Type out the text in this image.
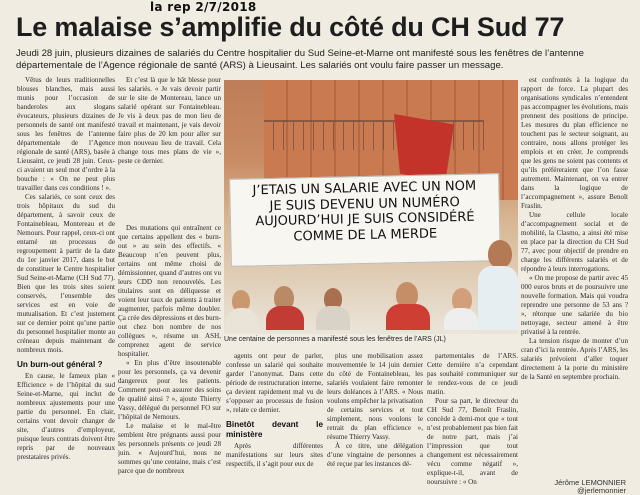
la rep 2/7/2018
Le malaise s’amplifie du côté du CH Sud 77

Jeudi 28 juin, plusieurs dizaines de salariés du Centre hospitalier du Sud Seine-et-Marne ont manifesté sous les fenêtres de l’antenne départementale de l’Agence régionale de santé (ARS) à Lieusaint. Les salariés ont voulu faire passer un message.

Vêtus de leurs traditionnelles blouses blanches, mais aussi munis pour l’occasion de banderoles aux slogans évocateurs, plusieurs dizaines de personnels de santé ont manifesté sous les fenêtres de l’antenne départementale de l’Agence régionale de santé (ARS), basée à Lieusaint, ce jeudi 28 juin. Ceux-ci avaient un seul mot d’ordre à la bouche : « On ne peut plus travailler dans ces conditions ! ».

Ces salariés, ce sont ceux des trois hôpitaux du sud du département, à savoir ceux de Fontainebleau, Montereau et de Nemours. Pour rappel, ceux-ci ont entamé un processus de regroupement à partir de la date du 1er janvier 2017, dans le but de constituer le Centre hospitalier Sud Seine-et-Marne (CH Sud 77). Bien que les trois sites soient conservés, l’ensemble des services est en voie de mutualisation. Et c’est justement sur ce dernier point qu’une partie du personnel hospitalier monte au créneau depuis maintenant de nombreux mois.

Un burn-out général ?

En cause, le fameux plan « Efficience » de l’hôpital du sud Seine-et-Marne, qui inclut de nombreux ajustements pour une partie du personnel. En clair, certains vont devoir changer de site, d’autres d’employeur, puisque leurs contrats doivent être repris par de nouveaux prestataires privés.

Et c’est là que le bât blesse pour les salariés. « Je vais devoir partir sur le site de Montereau, lance un salarié opérant sur Fontainebleau. Je vis à deux pas de mon lieu de travail et maintenant, je vais devoir faire plus de 20 km pour aller sur mon nouveau lieu de travail. Cela change tous mes plans de vie », peste ce dernier.

Des mutations qui entraînent ce que certains appellent des « burn-out » au sein des effectifs. « Beaucoup n’en peuvent plus, certains ont même choisi de démissionner, quand d’autres ont vu leurs CDD non renouvelés. Les titulaires sont en déliquesse et voient leur taux de patients à traiter augmenter, parfois même doubler. Ça crée des dépressions et des burn-out chez bon nombre de nos collègues », résume un ASH, comprenez agent de service hospitalier.

« En plus d’être insoutenable pour les personnels, ça va devenir dangereux pour les patients. Comment peut-on assurer des soins de qualité ainsi ? », ajoute Thierry Vassy, délégué du personnel FO sur l’hôpital de Nemours.

Le malaise et le mal-être semblent être prégnants aussi pour les personnels présents ce jeudi 28 juin. « Aujourd’hui, nous ne sommes qu’une centaine, mais c’est parce que de nombreux

J’ETAIS UN SALARIE AVEC UN NOM
JE SUIS DEVENU UN NUMÉRO
AUJOURD’HUI JE SUIS CONSIDÉRÉ
COMME DE LA MERDE
Une centaine de personnes a manifesté sous les fenêtres de l’ARS (JL)

agents ont peur de parler, confesse un salarié qui souhaite garder l’anonymat. Dans cette période de restructuration interne, ça devient rapidement mal vu de s’opposer au processus de fusion », relate ce dernier.

Binetôt devant le ministère

Après différentes manifestations sur leurs sites respectifs, il s’agit pour eux de

plus une mobilisation assez mouvementée le 14 juin dernier du côté de Fontainebleau, les salariés voulaient faire remonter leurs doléances à l’ARS. « Nous voulons empêcher la privatisation de certains services et tout simplement, nous voulons le retrait du plan efficience », résume Thierry Vassy.

À ce titre, une délégation d’une vingtaine de personnes a été reçue par les instances dé-

partementales de l’ARS. Cette dernière n’a cependant pas souhaité communiquer sur le rendez-vous de ce jeudi matin.

Pour sa part, le directeur du CH Sud 77, Benoît Fraslin, concède à demi-mot que « tout n’est probablement pas bien fait de notre part, mais j’ai l’impression que tout changement est nécessairement vécu comme négatif », explique-t-il, avant de poursuivre : « On

est confrontés à la logique du rapport de force. La plupart des organisations syndicales n’entendent pas accompagner les évolutions, mais prennent des positions de principe. Les mesures du plan efficience ne touchent pas le secteur soignant, au contraire, nous allons protéger les emplois et en créer. Je comprends que les gens ne soient pas contents et qu’ils préféreraient que l’on fasse autrement. Maintenant, on va entrer dans la logique de l’accompagnement », assure Benoît Fraslin.

Une cellule locale d’accompagnement social et de mobilité, la Clasmo, a ainsi été mise en place par la direction du CH Sud 77, avec pour objectif de prendre en charge les différents salariés et de répondre à leurs interrogations.

« On me propose de partir avec 45 000 euros bruts et de poursuivre une nouvelle formation. Mais qui voudra reprendre une personne de 53 ans ? », rétorque une salariée du bio nettoyage, secteur amené à être privatisé à la rentrée.

La tension risque de monter d’un cran d’ici la rentrée. Après l’ARS, les salariés prévoient d’aller toquer directement à la porte du ministère de la Santé en septembre prochain.

Jérôme LEMONNIER
@jerlemonnier
